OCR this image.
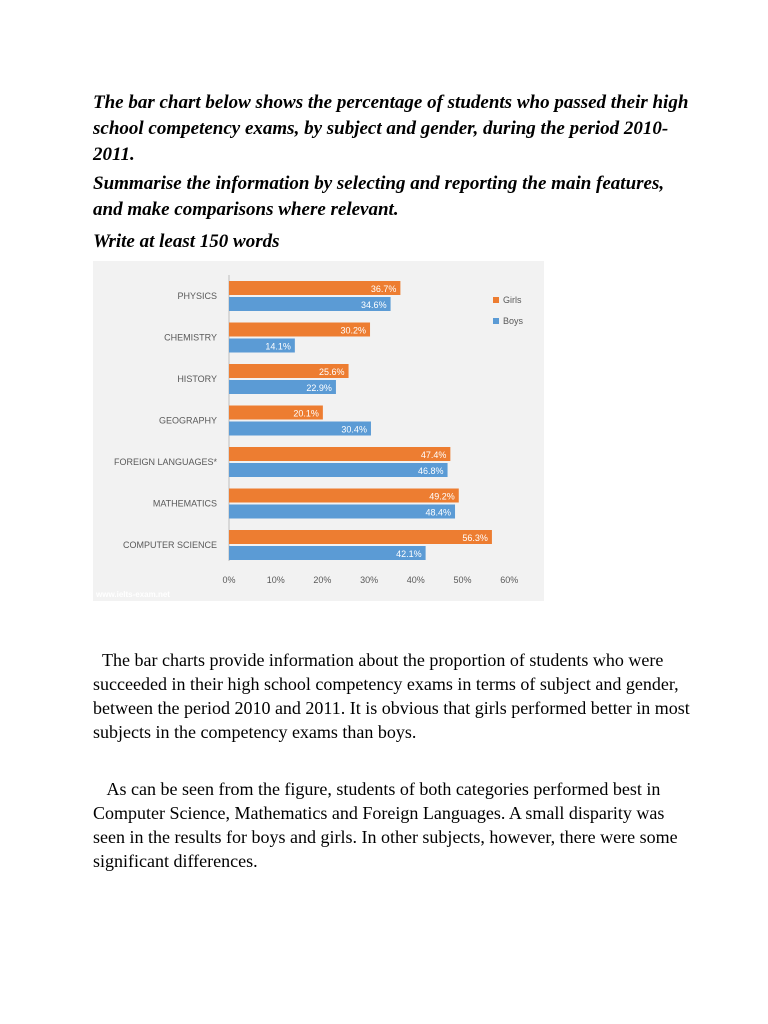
The bar chart below shows the percentage of students who passed their high school competency exams, by subject and gender, during the period 2010-2011.

Summarise the information by selecting and reporting the main features, and make comparisons where relevant.

Write at least 150 words

PHYSICS
36.7%
34.6%
CHEMISTRY
30.2%
14.1%
HISTORY
25.6%
22.9%
GEOGRAPHY
20.1%
30.4%
FOREIGN LANGUAGES*
47.4%
46.8%
MATHEMATICS
49.2%
48.4%
COMPUTER SCIENCE
56.3%
42.1%
0%	10%	20%	30%	40%	50%	60%
Girls
Boys
www.ielts-exam.net

The bar charts provide information about the proportion of students who were succeeded in their high school competency exams in terms of subject and gender, between the period 2010 and 2011. It is obvious that girls performed better in most subjects in the competency exams than boys.

As can be seen from the figure, students of both categories performed best in Computer Science, Mathematics and Foreign Languages. A small disparity was seen in the results for boys and girls. In other subjects, however, there were some significant differences.
